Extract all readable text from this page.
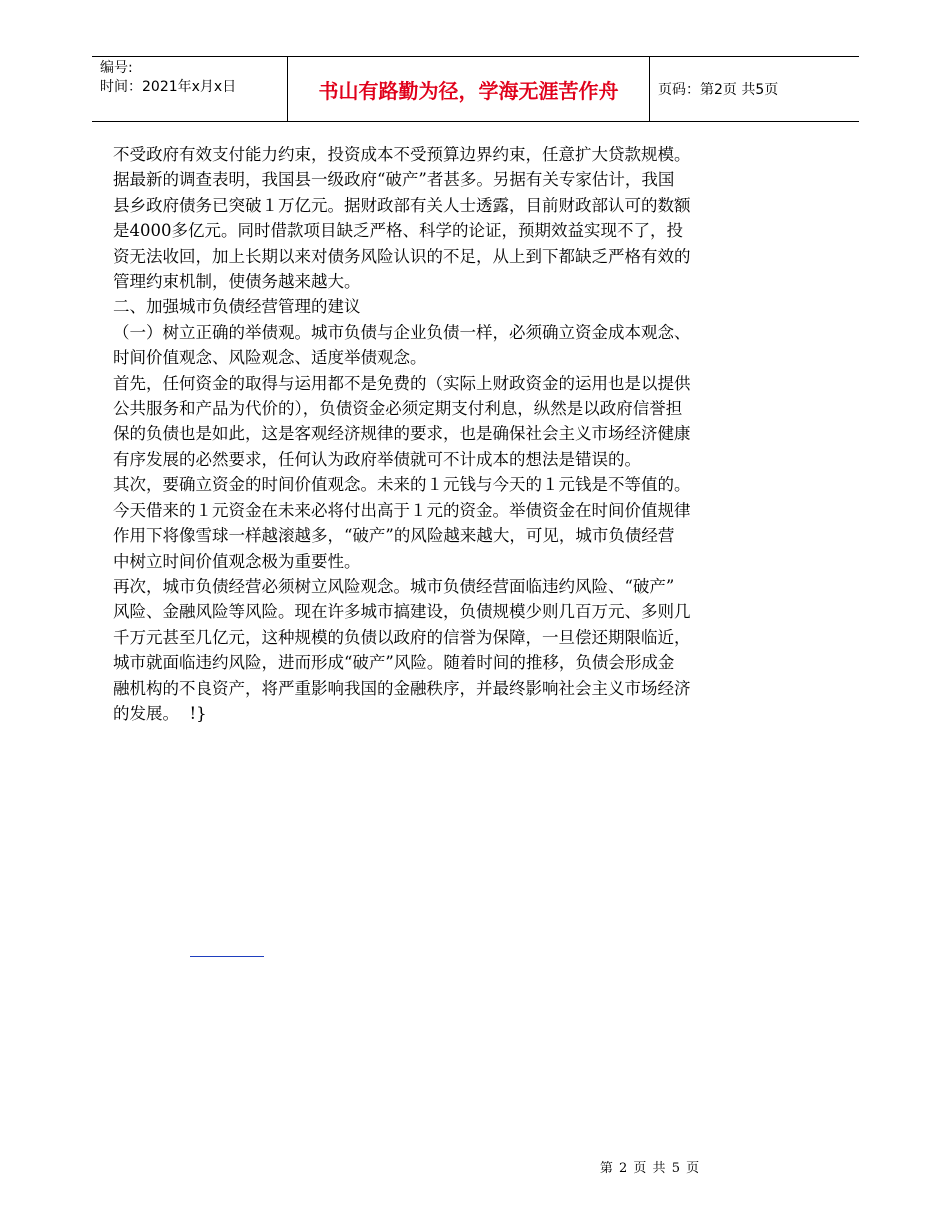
编号:
时间：2021年x月x日	书山有路勤为径，学海无涯苦作舟	页码：第2页 共5页

不受政府有效支付能力约束，投资成本不受预算边界约束，任意扩大贷款规模。

据最新的调查表明，我国县一级政府“破产”者甚多。另据有关专家估计，我国

县乡政府债务已突破１万亿元。据财政部有关人士透露，目前财政部认可的数额

是4000多亿元。同时借款项目缺乏严格、科学的论证，预期效益实现不了，投

资无法收回，加上长期以来对债务风险认识的不足，从上到下都缺乏严格有效的

管理约束机制，使债务越来越大。

二、加强城市负债经营管理的建议

（一）树立正确的举债观。城市负债与企业负债一样，必须确立资金成本观念、

时间价值观念、风险观念、适度举债观念。

首先，任何资金的取得与运用都不是免费的（实际上财政资金的运用也是以提供

公共服务和产品为代价的），负债资金必须定期支付利息，纵然是以政府信誉担

保的负债也是如此，这是客观经济规律的要求，也是确保社会主义市场经济健康

有序发展的必然要求，任何认为政府举债就可不计成本的想法是错误的。

其次，要确立资金的时间价值观念。未来的１元钱与今天的１元钱是不等值的。

今天借来的１元资金在未来必将付出高于１元的资金。举债资金在时间价值规律

作用下将像雪球一样越滚越多，“破产”的风险越来越大，可见，城市负债经营

中树立时间价值观念极为重要性。

再次，城市负债经营必须树立风险观念。城市负债经营面临违约风险、“破产”

风险、金融风险等风险。现在许多城市搞建设，负债规模少则几百万元、多则几

千万元甚至几亿元，这种规模的负债以政府的信誉为保障，一旦偿还期限临近，

城市就面临违约风险，进而形成“破产”风险。随着时间的推移，负债会形成金

融机构的不良资产，将严重影响我国的金融秩序，并最终影响社会主义市场经济

的发展。  !}

第 2 页 共 5 页
